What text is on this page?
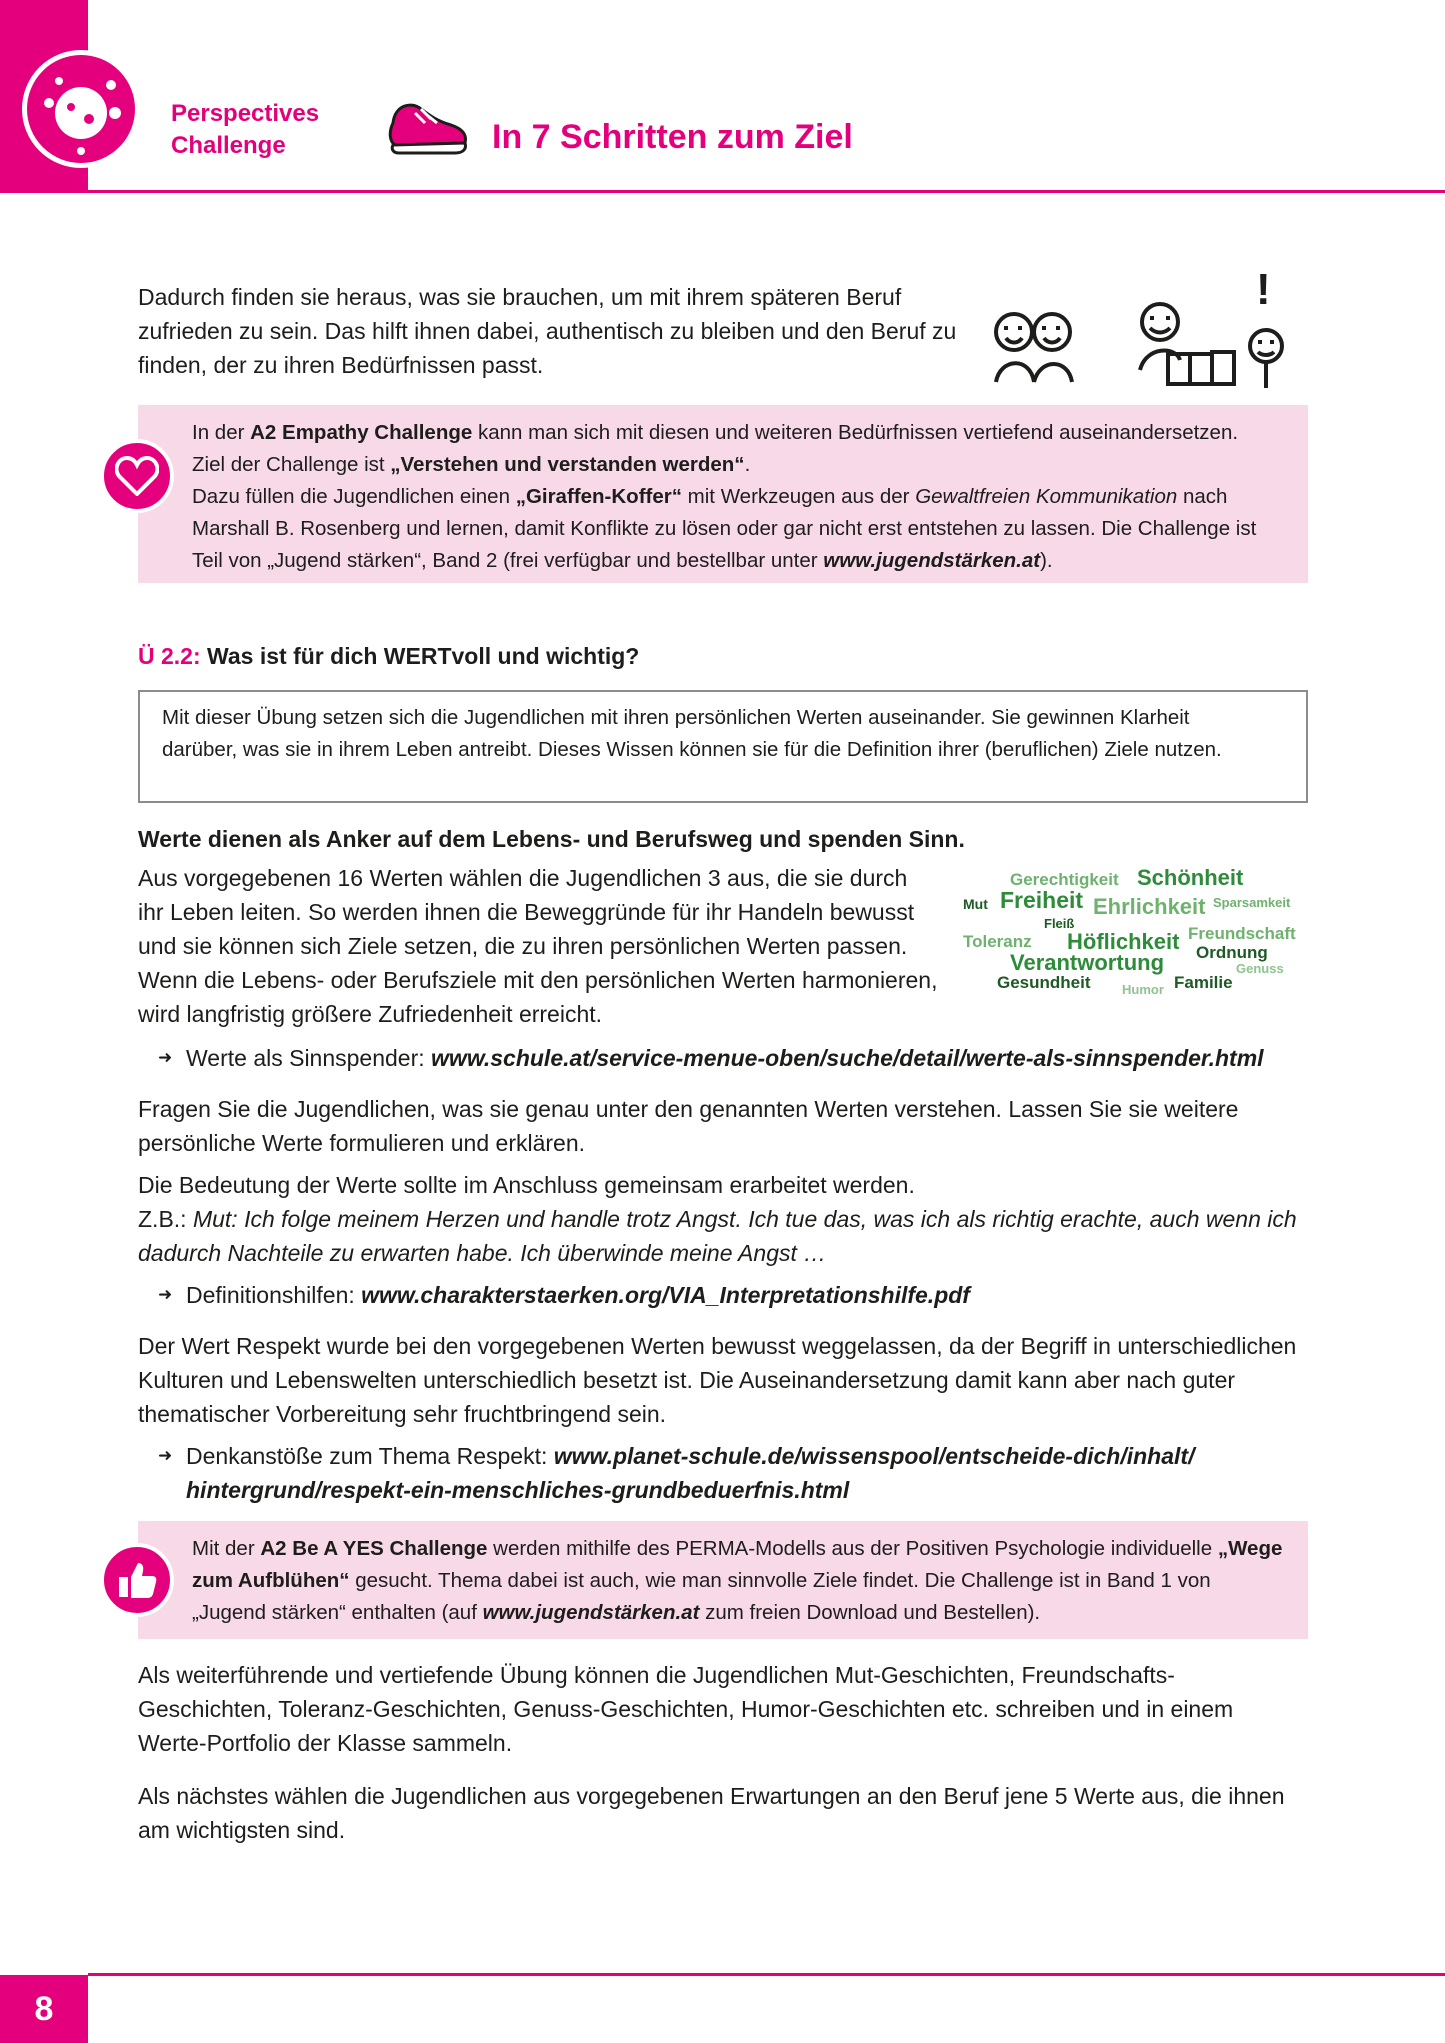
Perspectives
Challenge	In 7 Schritten zum Ziel
Dadurch finden sie heraus, was sie brauchen, um mit ihrem späteren Beruf zufrieden zu sein. Das hilft ihnen dabei, authentisch zu bleiben und den Beruf zu finden, der zu ihren Bedürfnissen passt.
!
In der A2 Empathy Challenge kann man sich mit diesen und weiteren Bedürfnissen vertiefend auseinandersetzen.
Ziel der Challenge ist „Verstehen und verstanden werden“.
Dazu füllen die Jugendlichen einen „Giraffen-Koffer“ mit Werkzeugen aus der Gewaltfreien Kommunikation nach Marshall B. Rosenberg und lernen, damit Konflikte zu lösen oder gar nicht erst entstehen zu lassen. Die Challenge ist Teil von „Jugend stärken“, Band 2 (frei verfügbar und bestellbar unter www.jugendstärken.at).
Ü 2.2: Was ist für dich WERTvoll und wichtig?
Mit dieser Übung setzen sich die Jugendlichen mit ihren persönlichen Werten auseinander. Sie gewinnen Klarheit darüber, was sie in ihrem Leben antreibt. Dieses Wissen können sie für die Definition ihrer (beruflichen) Ziele nutzen.
Werte dienen als Anker auf dem Lebens- und Berufsweg und spenden Sinn.
Aus vorgegebenen 16 Werten wählen die Jugendlichen 3 aus, die sie durch ihr Leben leiten. So werden ihnen die Beweggründe für ihr Handeln bewusst und sie können sich Ziele setzen, die zu ihren persönlichen Werten passen. Wenn die Lebens- oder Berufsziele mit den persönlichen Werten harmonieren, wird langfristig größere Zufriedenheit erreicht.
Gerechtigkeit Schönheit
Mut Freiheit Ehrlichkeit Sparsamkeit
Fleiß
Toleranz Höflichkeit Freundschaft
Ordnung
Verantwortung	Genuss
Gesundheit Humor Familie
➜ Werte als Sinnspender: www.schule.at/service-menue-oben/suche/detail/werte-als-sinnspender.html
Fragen Sie die Jugendlichen, was sie genau unter den genannten Werten verstehen. Lassen Sie sie weitere persönliche Werte formulieren und erklären.
Die Bedeutung der Werte sollte im Anschluss gemeinsam erarbeitet werden.
Z.B.: Mut: Ich folge meinem Herzen und handle trotz Angst. Ich tue das, was ich als richtig erachte, auch wenn ich dadurch Nachteile zu erwarten habe. Ich überwinde meine Angst …
➜ Definitionshilfen: www.charakterstaerken.org/VIA_Interpretationshilfe.pdf
Der Wert Respekt wurde bei den vorgegebenen Werten bewusst weggelassen, da der Begriff in unterschiedlichen Kulturen und Lebenswelten unterschiedlich besetzt ist. Die Auseinandersetzung damit kann aber nach guter thematischer Vorbereitung sehr fruchtbringend sein.
➜ Denkanstöße zum Thema Respekt: www.planet-schule.de/wissenspool/entscheide-dich/inhalt/
hintergrund/respekt-ein-menschliches-grundbeduerfnis.html
Mit der A2 Be A YES Challenge werden mithilfe des PERMA-Modells aus der Positiven Psychologie individuelle „Wege zum Aufblühen“ gesucht. Thema dabei ist auch, wie man sinnvolle Ziele findet. Die Challenge ist in Band 1 von „Jugend stärken“ enthalten (auf www.jugendstärken.at zum freien Download und Bestellen).
Als weiterführende und vertiefende Übung können die Jugendlichen Mut-Geschichten, Freundschafts-Geschichten, Toleranz-Geschichten, Genuss-Geschichten, Humor-Geschichten etc. schreiben und in einem Werte-Portfolio der Klasse sammeln.
Als nächstes wählen die Jugendlichen aus vorgegebenen Erwartungen an den Beruf jene 5 Werte aus, die ihnen am wichtigsten sind.
8
